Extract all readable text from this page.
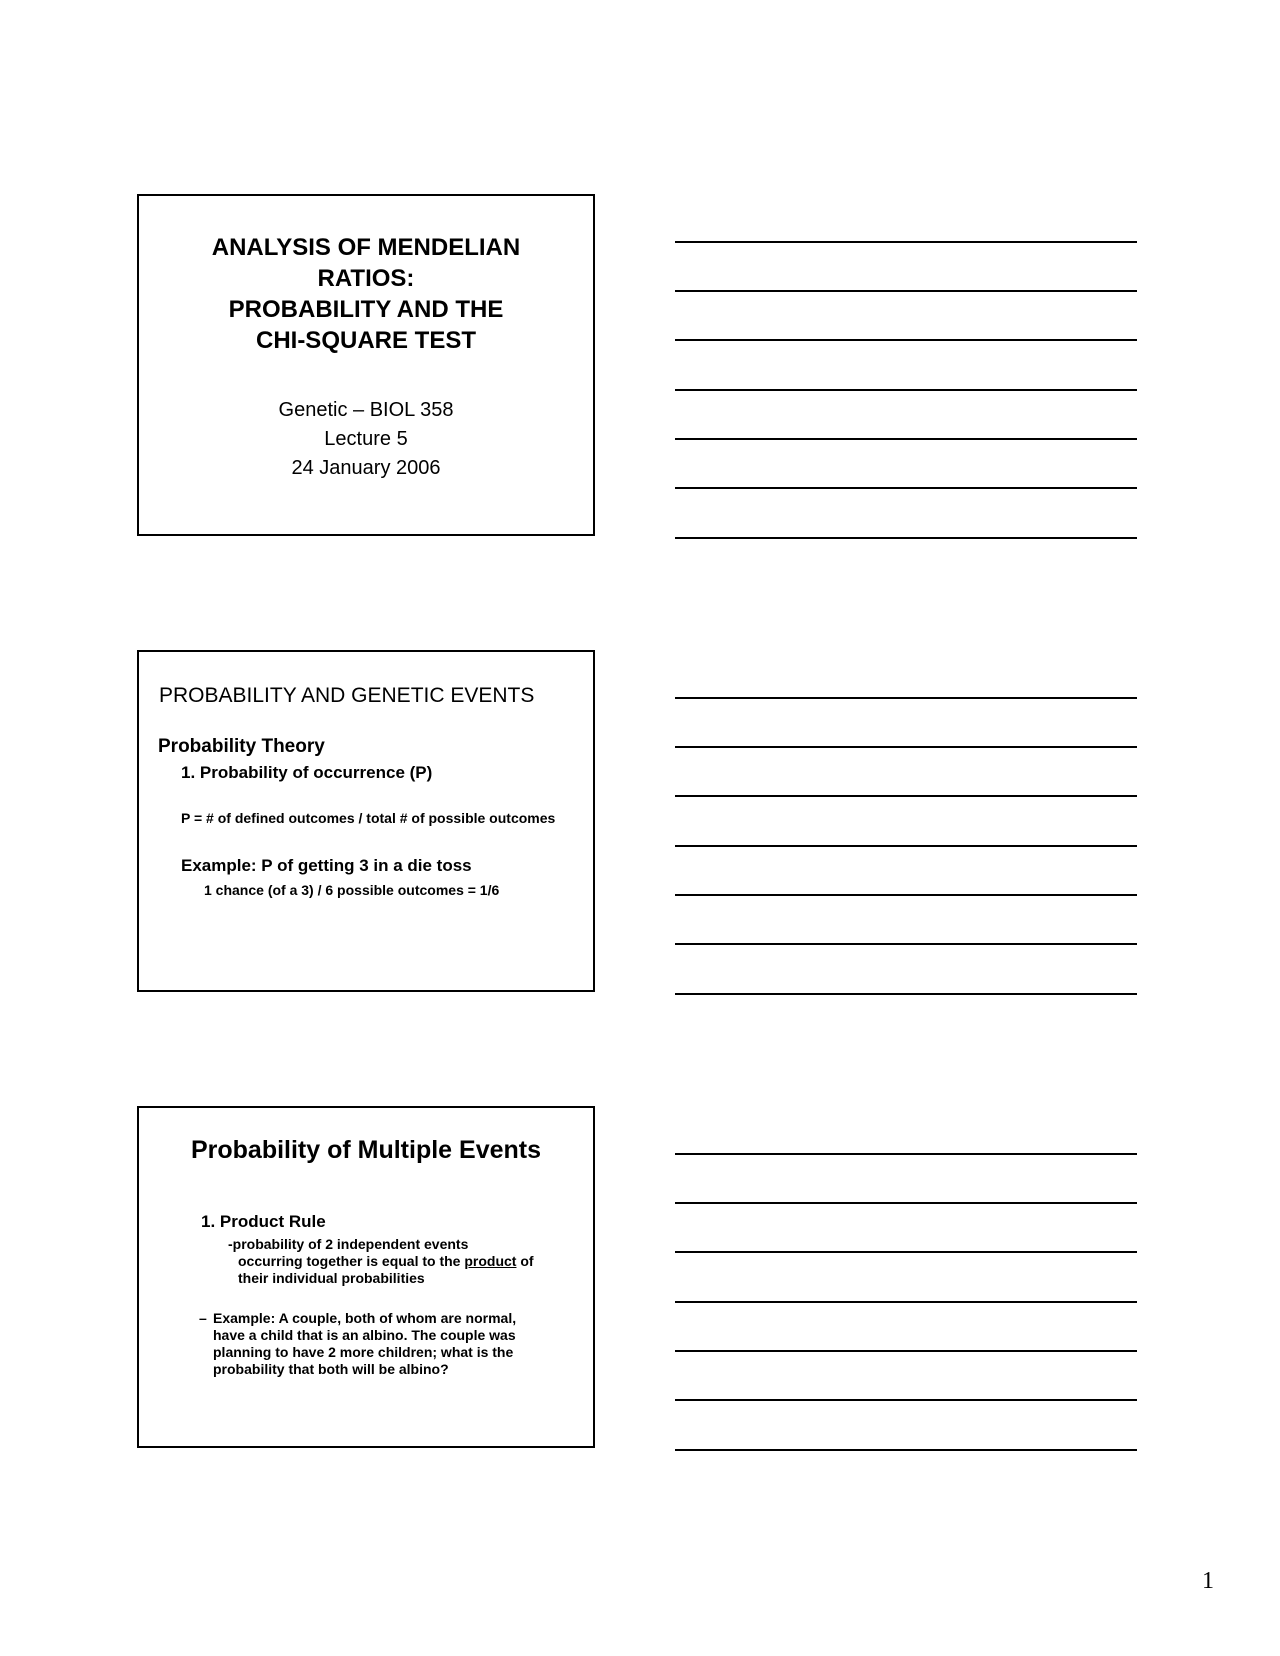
ANALYSIS OF MENDELIAN
RATIOS:
PROBABILITY AND THE
CHI-SQUARE TEST
Genetic – BIOL 358
Lecture 5
24 January 2006
PROBABILITY AND GENETIC EVENTS
Probability Theory
1. Probability of occurrence (P)
P = # of defined outcomes / total # of possible outcomes
Example: P of getting 3 in a die toss
1 chance (of a 3) / 6 possible outcomes = 1/6
Probability of Multiple Events
1. Product Rule
-probability of 2 independent events
occurring together is equal to the product of
their individual probabilities
– Example: A couple, both of whom are normal,
have a child that is an albino. The couple was
planning to have 2 more children; what is the
probability that both will be albino?
1
